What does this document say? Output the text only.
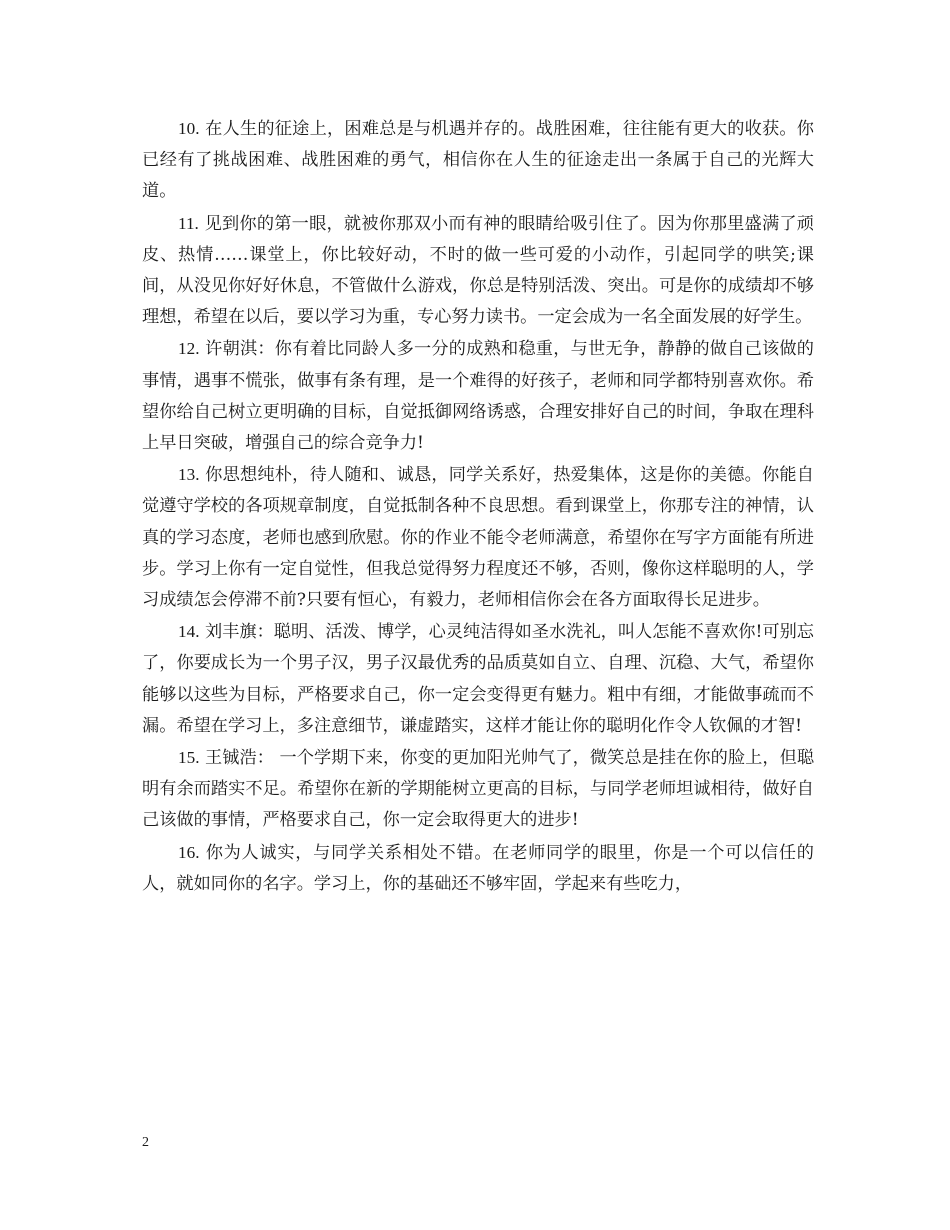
10. 在人生的征途上，困难总是与机遇并存的。战胜困难，往往能有更大的收获。你已经有了挑战困难、战胜困难的勇气，相信你在人生的征途走出一条属于自己的光辉大道。

11. 见到你的第一眼，就被你那双小而有神的眼睛给吸引住了。因为你那里盛满了顽皮、热情……课堂上，你比较好动，不时的做一些可爱的小动作，引起同学的哄笑;课间，从没见你好好休息，不管做什么游戏，你总是特别活泼、突出。可是你的成绩却不够理想，希望在以后，要以学习为重，专心努力读书。一定会成为一名全面发展的好学生。

12. 许朝淇：你有着比同龄人多一分的成熟和稳重，与世无争，静静的做自己该做的事情，遇事不慌张，做事有条有理，是一个难得的好孩子，老师和同学都特别喜欢你。希望你给自己树立更明确的目标，自觉抵御网络诱惑，合理安排好自己的时间，争取在理科上早日突破，增强自己的综合竞争力!

13. 你思想纯朴，待人随和、诚恳，同学关系好，热爱集体，这是你的美德。你能自觉遵守学校的各项规章制度，自觉抵制各种不良思想。看到课堂上，你那专注的神情，认真的学习态度，老师也感到欣慰。你的作业不能令老师满意，希望你在写字方面能有所进步。学习上你有一定自觉性，但我总觉得努力程度还不够，否则，像你这样聪明的人，学习成绩怎会停滞不前?只要有恒心，有毅力，老师相信你会在各方面取得长足进步。

14. 刘丰旗：聪明、活泼、博学，心灵纯洁得如圣水洗礼，叫人怎能不喜欢你!可别忘了，你要成长为一个男子汉，男子汉最优秀的品质莫如自立、自理、沉稳、大气，希望你能够以这些为目标，严格要求自己，你一定会变得更有魅力。粗中有细，才能做事疏而不漏。希望在学习上，多注意细节，谦虚踏实，这样才能让你的聪明化作令人钦佩的才智!

15. 王铖浩： 一个学期下来，你变的更加阳光帅气了，微笑总是挂在你的脸上，但聪明有余而踏实不足。希望你在新的学期能树立更高的目标，与同学老师坦诚相待，做好自己该做的事情，严格要求自己，你一定会取得更大的进步!

16. 你为人诚实，与同学关系相处不错。在老师同学的眼里，你是一个可以信任的人，就如同你的名字。学习上，你的基础还不够牢固，学起来有些吃力，

2
